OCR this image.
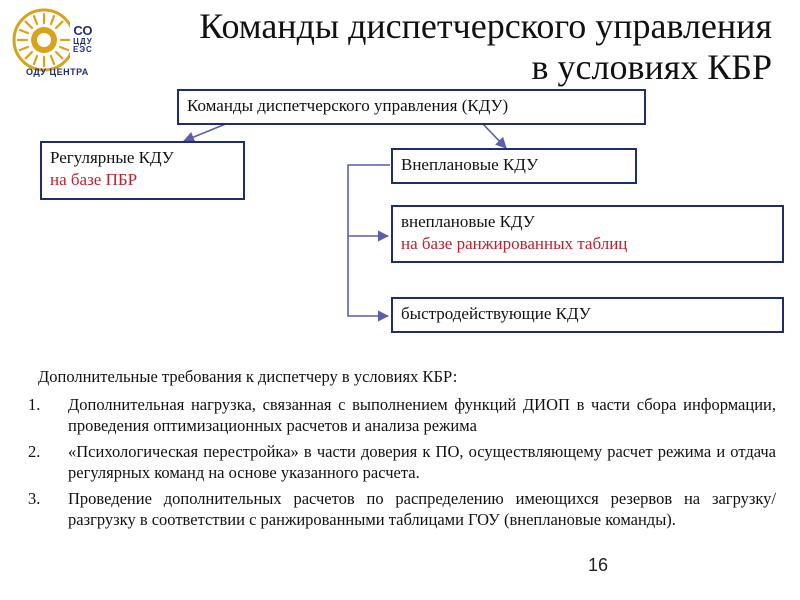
СО
ЦДУ
ЕЭС
ОДУ ЦЕНТРА
Команды диспетчерского управления
в условиях КБР
Команды диспетчерского управления (КДУ)
Регулярные КДУ
на базе ПБР
Внеплановые КДУ
внеплановые КДУ
на базе ранжированных таблиц
быстродействующие КДУ
Дополнительные требования к диспетчеру в условиях КБР:
1.	Дополнительная нагрузка, связанная с выполнением функций ДИОП в части сбора информации, проведения оптимизационных расчетов и анализа режима
2.	«Психологическая перестройка» в части доверия к ПО, осуществляющему расчет режима и отдача регулярных команд на основе указанного расчета.
3.	Проведение дополнительных расчетов по распределению имеющихся резервов на загрузку/разгрузку в соответствии с ранжированными таблицами ГОУ (внеплановые команды).
16
